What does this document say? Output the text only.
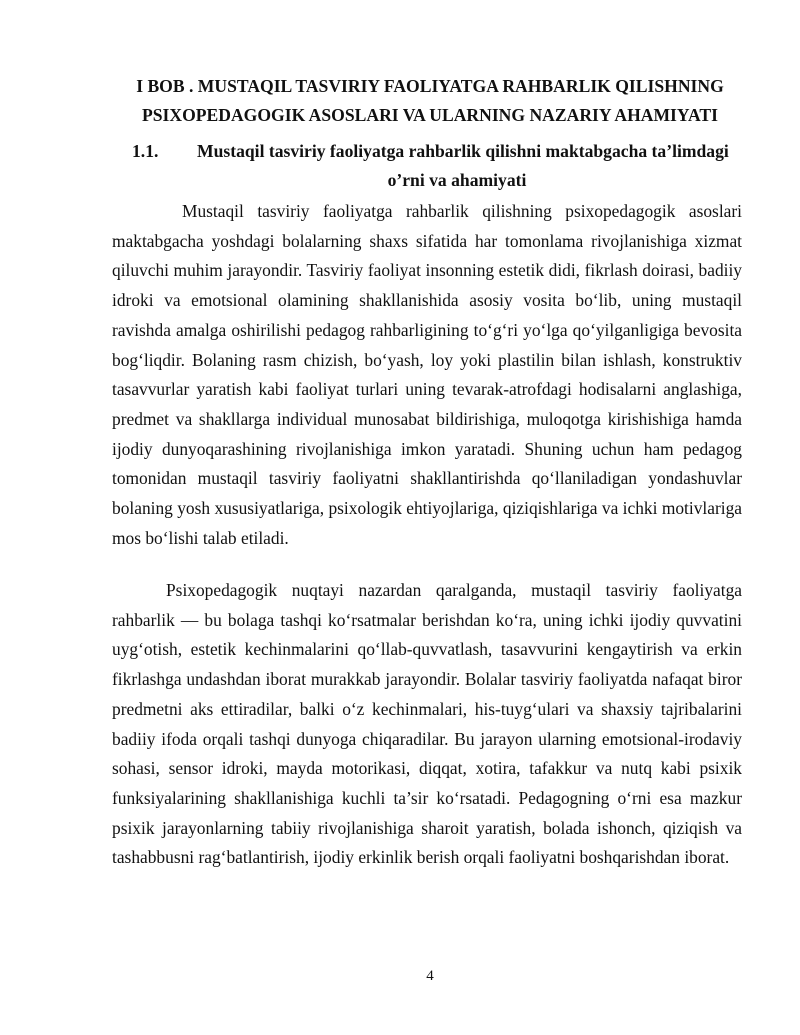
I BOB . MUSTAQIL TASVIRIY FAOLIYATGA RAHBARLIK QILISHNING
PSIXOPEDAGOGIK ASOSLARI VA ULARNING NAZARIY AHAMIYATI
1.1. Mustaqil tasviriy faoliyatga rahbarlik qilishni maktabgacha ta’limdagi
o’rni va ahamiyati

Mustaqil tasviriy faoliyatga rahbarlik qilishning psixopedagogik asoslari maktabgacha yoshdagi bolalarning shaxs sifatida har tomonlama rivojlanishiga xizmat qiluvchi muhim jarayondir. Tasviriy faoliyat insonning estetik didi, fikrlash doirasi, badiiy idroki va emotsional olamining shakllanishida asosiy vosita bo‘lib, uning mustaqil ravishda amalga oshirilishi pedagog rahbarligining to‘g‘ri yo‘lga qo‘yilganligiga bevosita bog‘liqdir. Bolaning rasm chizish, bo‘yash, loy yoki plastilin bilan ishlash, konstruktiv tasavvurlar yaratish kabi faoliyat turlari uning tevarak-atrofdagi hodisalarni anglashiga, predmet va shakllarga individual munosabat bildirishiga, muloqotga kirishishiga hamda ijodiy dunyoqarashining rivojlanishiga imkon yaratadi. Shuning uchun ham pedagog tomonidan mustaqil tasviriy faoliyatni shakllantirishda qo‘llaniladigan yondashuvlar bolaning yosh xususiyatlariga, psixologik ehtiyojlariga, qiziqishlariga va ichki motivlariga mos bo‘lishi talab etiladi.

Psixopedagogik nuqtayi nazardan qaralganda, mustaqil tasviriy faoliyatga rahbarlik — bu bolaga tashqi ko‘rsatmalar berishdan ko‘ra, uning ichki ijodiy quvvatini uyg‘otish, estetik kechinmalarini qo‘llab-quvvatlash, tasavvurini kengaytirish va erkin fikrlashga undashdan iborat murakkab jarayondir. Bolalar tasviriy faoliyatda nafaqat biror predmetni aks ettiradilar, balki o‘z kechinmalari, his-tuyg‘ulari va shaxsiy tajribalarini badiiy ifoda orqali tashqi dunyoga chiqaradilar. Bu jarayon ularning emotsional-irodaviy sohasi, sensor idroki, mayda motorikasi, diqqat, xotira, tafakkur va nutq kabi psixik funksiyalarining shakllanishiga kuchli ta’sir ko‘rsatadi. Pedagogning o‘rni esa mazkur psixik jarayonlarning tabiiy rivojlanishiga sharoit yaratish, bolada ishonch, qiziqish va tashabbusni rag‘batlantirish, ijodiy erkinlik berish orqali faoliyatni boshqarishdan iborat.

4
